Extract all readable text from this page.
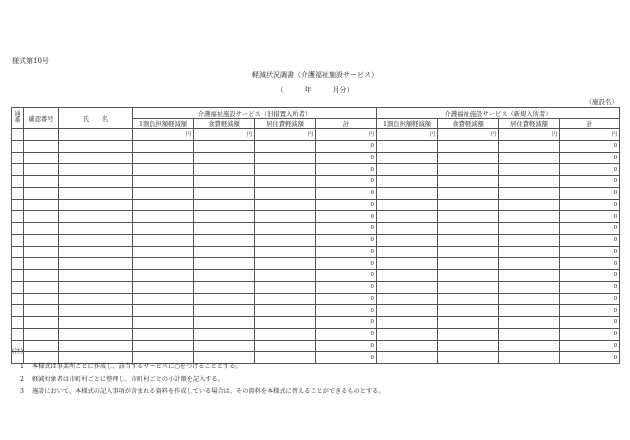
様式第10号
軽減状況調書（介護福祉施設サービス）
（　　　年　　　月分）
（施設名）
通番	確認番号	氏　　名	介護福祉施設サービス（旧措置入所者）				介護福祉施設サービス（新規入所者）			
			1割負担額軽減額	食費軽減額	居住費軽減額	計	1割負担額軽減額	食費軽減額	居住費軽減額	計
			円	円	円	円	円	円	円	円
						0				0
						0				0
						0				0
						0				0
						0				0
						0				0
						0				0
						0				0
						0				0
						0				0
						0				0
						0				0
						0				0
						0				0
						0				0
						0				0
						0				0
						0				0
						0				0
(注)
1 本様式は事業所ごとに作成し、該当するサービスに○をつけることとする。
2 軽減対象者は市町村ごとに整理し、市町村ごとの小計額を記入する。
3 施設において、本様式の記入事項が含まれる資料を作成している場合は、その資料を本様式に替えることができるものとする。
